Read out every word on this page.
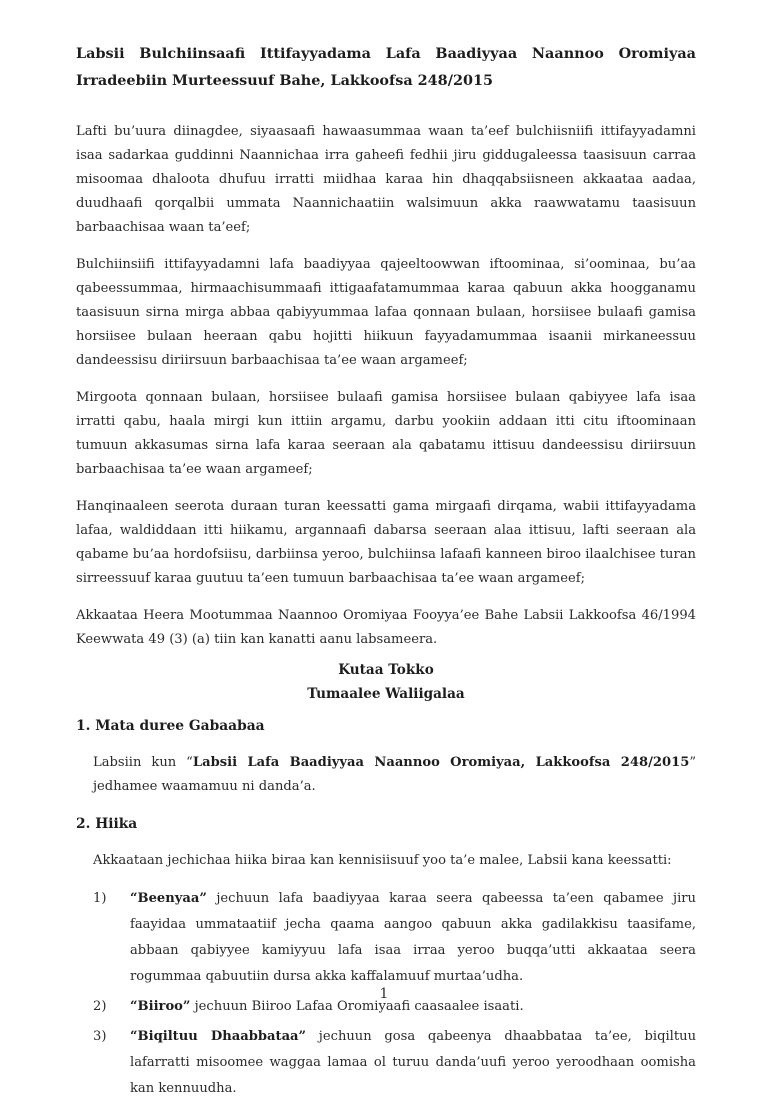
Labsii Bulchiinsaafi Ittifayyadama Lafa Baadiyyaa Naannoo Oromiyaa Irradeebiin Murteessuuf Bahe, Lakkoofsa 248/2015

Lafti bu’uura diinagdee, siyaasaafi hawaasummaa waan ta’eef bulchiisniifi ittifayyadamni isaa sadarkaa guddinni Naannichaa irra gaheefi fedhii jiru giddugaleessa taasisuun carraa misoomaa dhaloota dhufuu irratti miidhaa karaa hin dhaqqabsiisneen akkaataa aadaa, duudhaafi qorqalbii ummata Naannichaatiin walsimuun akka raawwatamu taasisuun barbaachisaa waan ta’eef;

Bulchiinsiifi ittifayyadamni lafa baadiyyaa qajeeltoowwan iftoominaa, si’oominaa, bu’aa qabeessummaa, hirmaachisummaafi ittigaafatamummaa karaa qabuun akka hoogganamu taasisuun sirna mirga abbaa qabiyyummaa lafaa qonnaan bulaan, horsiisee bulaafi gamisa horsiisee bulaan heeraan qabu hojitti hiikuun fayyadamummaa isaanii mirkaneessuu dandeessisu diriirsuun barbaachisaa ta’ee waan argameef;

Mirgoota qonnaan bulaan, horsiisee bulaafi gamisa horsiisee bulaan qabiyyee lafa isaa irratti qabu, haala mirgi kun ittiin argamu, darbu yookiin addaan itti citu iftoominaan tumuun akkasumas sirna lafa karaa seeraan ala qabatamu ittisuu dandeessisu diriirsuun barbaachisaa ta’ee waan argameef;

Hanqinaaleen seerota duraan turan keessatti gama mirgaafi dirqama, wabii ittifayyadama lafaa, waldiddaan itti hiikamu, argannaafi dabarsa seeraan alaa ittisuu, lafti seeraan ala qabame bu’aa hordofsiisu, darbiinsa yeroo, bulchiinsa lafaafi kanneen biroo ilaalchisee turan sirreessuuf karaa guutuu ta’een tumuun barbaachisaa ta’ee waan argameef;

Akkaataa Heera Mootummaa Naannoo Oromiyaa Fooyya’ee Bahe Labsii Lakkoofsa 46/1994 Keewwata 49 (3) (a) tiin kan kanatti aanu labsameera.

Kutaa Tokko

Tumaalee Waliigalaa

1. Mata duree Gabaabaa

Labsiin kun “Labsii Lafa Baadiyyaa Naannoo Oromiyaa, Lakkoofsa 248/2015” jedhamee waamamuu ni danda’a.

2. Hiika

Akkaataan jechichaa hiika biraa kan kennisiisuuf yoo ta’e malee, Labsii kana keessatti:

1) “Beenyaa” jechuun lafa baadiyyaa karaa seera qabeessa ta’een qabamee jiru faayidaa ummataatiif jecha qaama aangoo qabuun akka gadilakkisu taasifame, abbaan qabiyyee kamiyyuu lafa isaa irraa yeroo buqqa’utti akkaataa seera rogummaa qabuutiin dursa akka kaffalamuuf murtaa’udha.
2) “Biiroo” jechuun Biiroo Lafaa Oromiyaafi caasaalee isaati.
3) “Biqiltuu Dhaabbataa” jechuun gosa qabeenya dhaabbataa ta’ee, biqiltuu lafarratti misoomee waggaa lamaa ol turuu danda’uufi yeroo yeroodhaan oomisha kan kennuudha.
1
